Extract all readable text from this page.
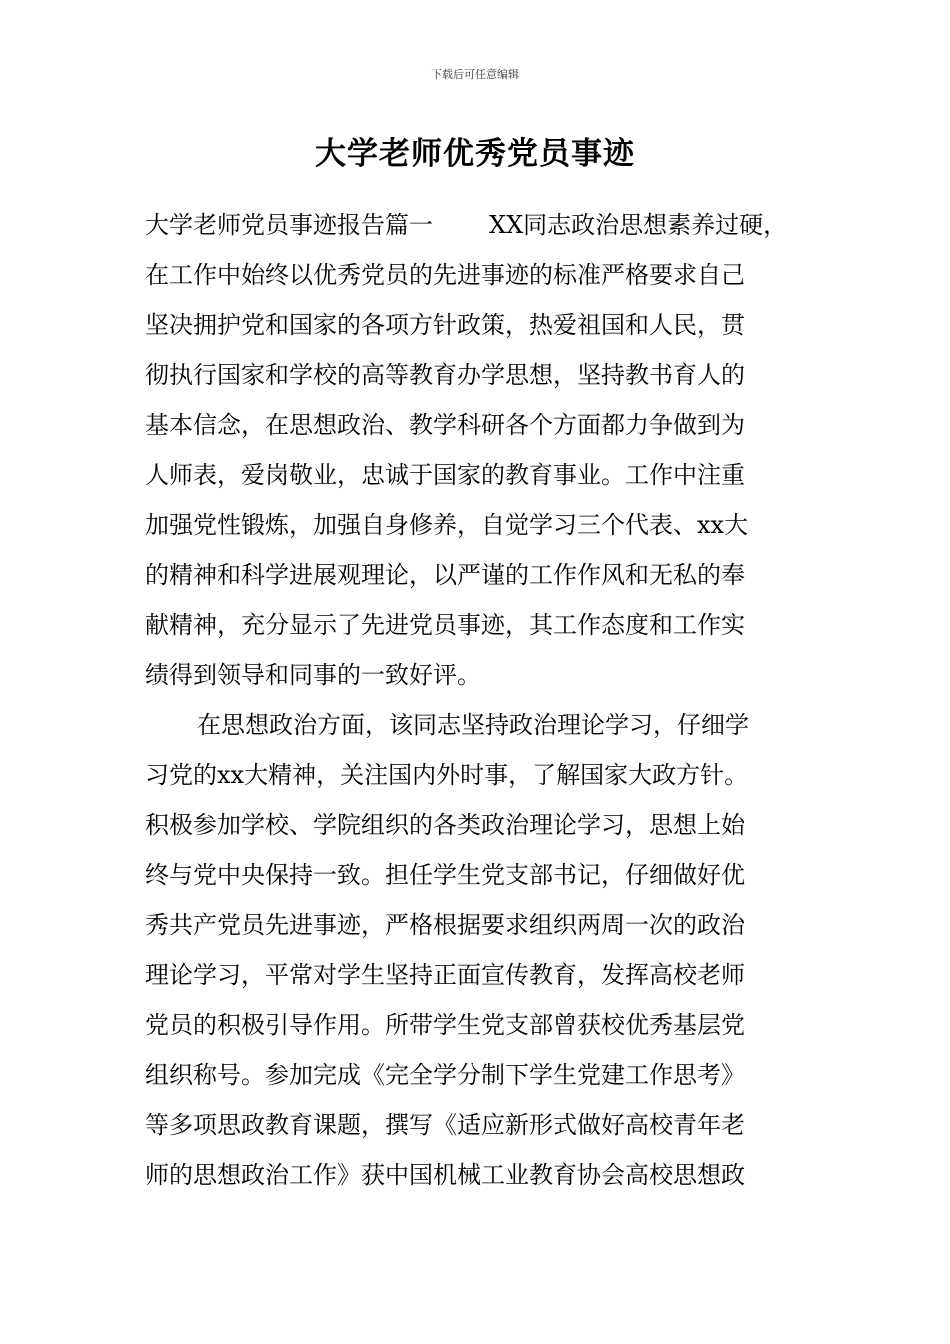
下载后可任意编辑
大学老师优秀党员事迹
大学老师党员事迹报告篇一 XX同志政治思想素养过硬，
在工作中始终以优秀党员的先进事迹的标准严格要求自己
坚决拥护党和国家的各项方针政策，热爱祖国和人民，贯
彻执行国家和学校的高等教育办学思想，坚持教书育人的
基本信念，在思想政治、教学科研各个方面都力争做到为
人师表，爱岗敬业，忠诚于国家的教育事业。工作中注重
加强党性锻炼，加强自身修养，自觉学习三个代表、xx大
的精神和科学进展观理论，以严谨的工作作风和无私的奉
献精神，充分显示了先进党员事迹，其工作态度和工作实
绩得到领导和同事的一致好评。
在思想政治方面，该同志坚持政治理论学习，仔细学
习党的xx大精神，关注国内外时事，了解国家大政方针。
积极参加学校、学院组织的各类政治理论学习，思想上始
终与党中央保持一致。担任学生党支部书记，仔细做好优
秀共产党员先进事迹，严格根据要求组织两周一次的政治
理论学习，平常对学生坚持正面宣传教育，发挥高校老师
党员的积极引导作用。所带学生党支部曾获校优秀基层党
组织称号。参加完成《完全学分制下学生党建工作思考》
等多项思政教育课题，撰写《适应新形式做好高校青年老
师的思想政治工作》获中国机械工业教育协会高校思想政
